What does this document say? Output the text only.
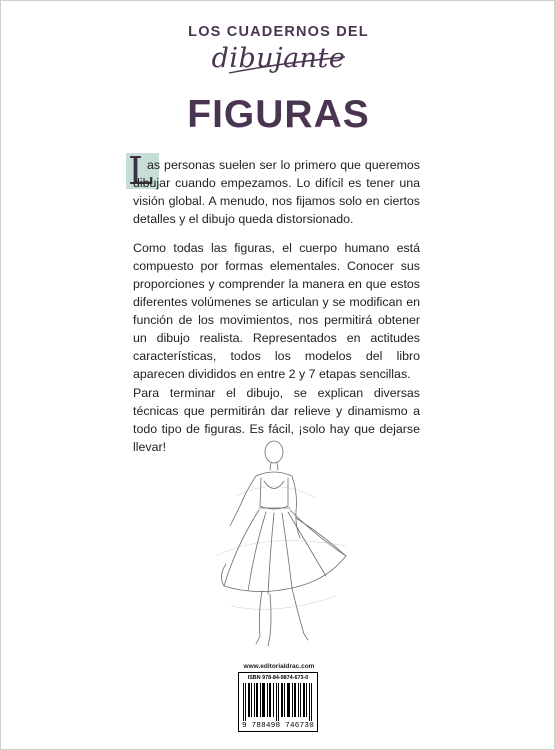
LOS CUADERNOS DEL
dibujante
FIGURAS
L

as personas suelen ser lo primero que queremos dibujar cuando empezamos. Lo difícil es tener una visión global. A menudo, nos fijamos solo en ciertos detalles y el dibujo queda distorsionado.

Como todas las figuras, el cuerpo humano está compuesto por formas elementales. Conocer sus proporciones y comprender la manera en que estos diferentes volúmenes se articulan y se modifican en función de los movimientos, nos permitirá obtener un dibujo realista. Representados en actitudes características, todos los modelos del libro aparecen divididos en entre 2 y 7 etapas sencillas.

Para terminar el dibujo, se explican diversas técnicas que permitirán dar relieve y dinamismo a todo tipo de figuras. Es fácil, ¡solo hay que dejarse llevar!

www.editorialdrac.com
ISBN 978-84-9874-673-0
9 788498 746730
